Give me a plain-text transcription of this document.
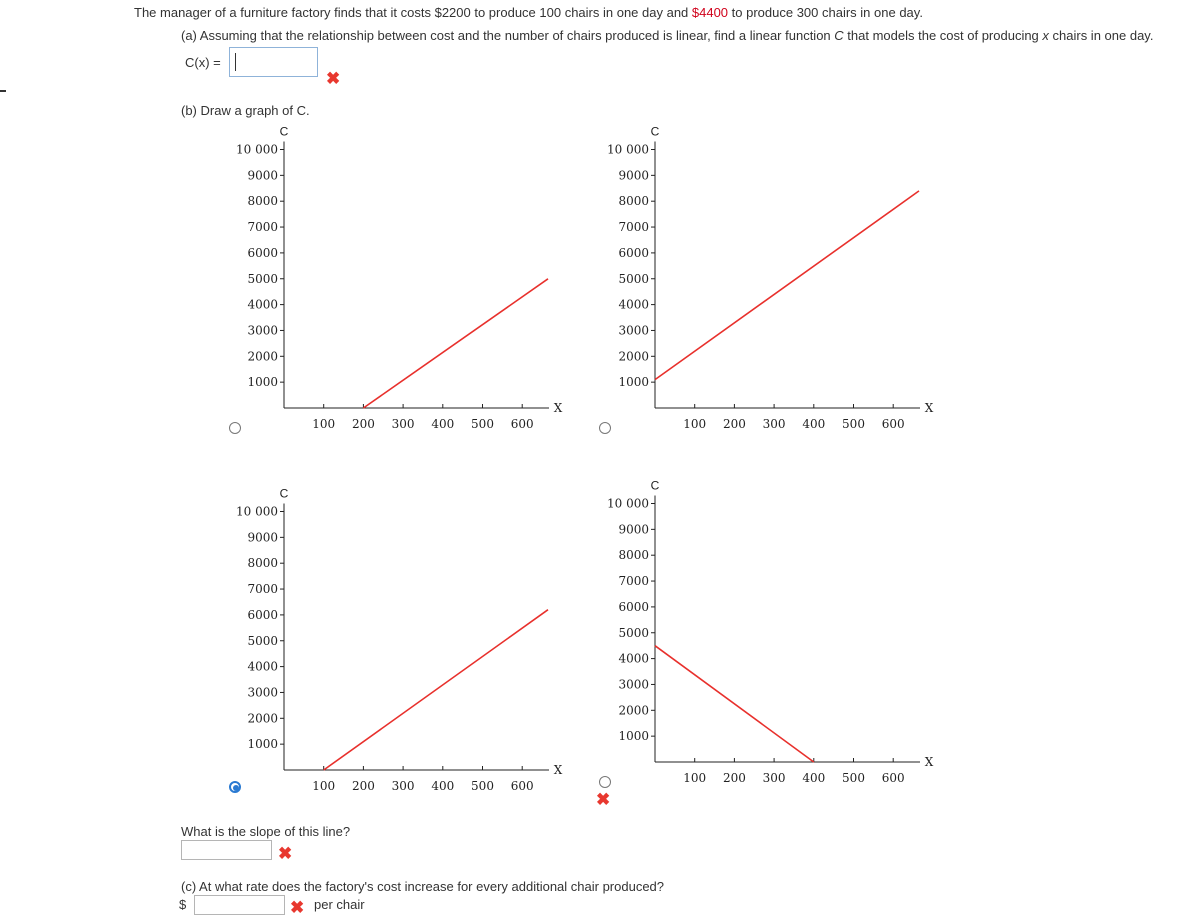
The manager of a furniture factory finds that it costs $2200 to produce 100 chairs in one day and $4400 to produce 300 chairs in one day.
(a) Assuming that the relationship between cost and the number of chairs produced is linear, find a linear function C that models the cost of producing x chairs in one day.
C(x) =
✖
(b) Draw a graph of C.
✖
100 200 300 400 500 600
1000
2000
3000
4000
5000
6000
7000
8000
9000
10 000
C
X
100 200 300 400 500 600
1000
2000
3000
4000
5000
6000
7000
8000
9000
10 000
C
X
100 200 300 400 500 600
1000
2000
3000
4000
5000
6000
7000
8000
9000
10 000
C
X
100 200 300 400 500 600
1000
2000
3000
4000
5000
6000
7000
8000
9000
10 000
C
X
What is the slope of this line?
✖
(c) At what rate does the factory's cost increase for every additional chair produced?
$	✖ per chair
